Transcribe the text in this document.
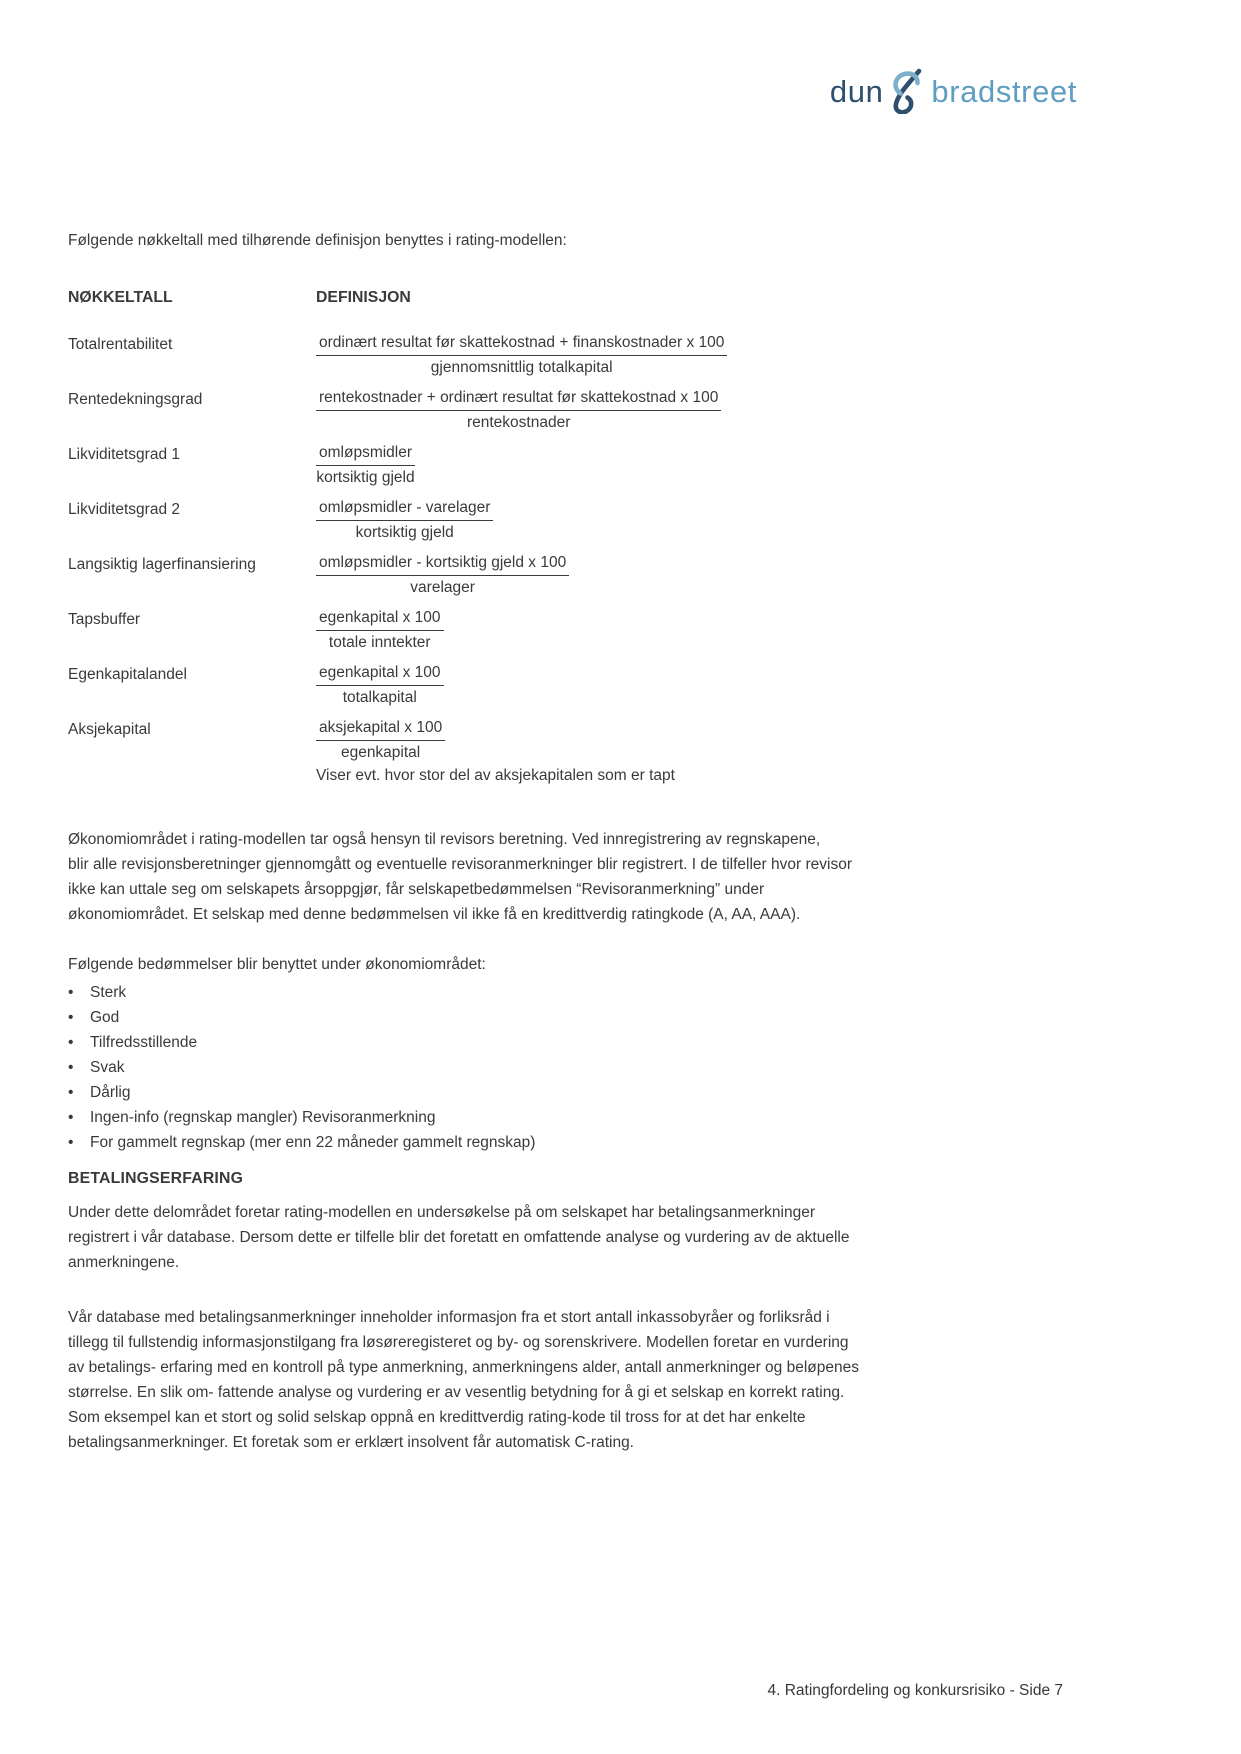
dun bradstreet
Følgende nøkkeltall med tilhørende definisjon benyttes i rating-modellen:
NØKKELTALL	DEFINISJON
Totalrentabilitet	$\frac{\text{ordinært resultat før skattekostnad + finanskostnader x 100}}{\text{gjennomsnittlig totalkapital}}$
Rentedekningsgrad	$\frac{\text{rentekostnader + ordinært resultat før skattekostnad x 100}}{\text{rentekostnader}}$
Likviditetsgrad 1	$\frac{\text{omløpsmidler}}{\text{kortsiktig gjeld}}$
Likviditetsgrad 2	$\frac{\text{omløpsmidler - varelager}}{\text{kortsiktig gjeld}}$
Langsiktig lagerfinansiering	$\frac{\text{omløpsmidler - kortsiktig gjeld x 100}}{\text{varelager}}$
Tapsbuffer	$\frac{\text{egenkapital x 100}}{\text{totale inntekter}}$
Egenkapitalandel	$\frac{\text{egenkapital x 100}}{\text{totalkapital}}$
Aksjekapital	$\frac{\text{aksjekapital x 100}}{\text{egenkapital}}$
Viser evt. hvor stor del av aksjekapitalen som er tapt
Økonomiområdet i rating-modellen tar også hensyn til revisors beretning. Ved innregistrering av regnskapene,
blir alle revisjonsberetninger gjennomgått og eventuelle revisoranmerkninger blir registrert. I de tilfeller hvor revisor
ikke kan uttale seg om selskapets årsoppgjør, får selskapetbedømmelsen “Revisoranmerkning” under
økonomiområdet. Et selskap med denne bedømmelsen vil ikke få en kredittverdig ratingkode (A, AA, AAA).
Følgende bedømmelser blir benyttet under økonomiområdet:
•	Sterk
•	God
•	Tilfredsstillende
•	Svak
•	Dårlig
•	Ingen-info (regnskap mangler) Revisoranmerkning
•	For gammelt regnskap (mer enn 22 måneder gammelt regnskap)
BETALINGSERFARING
Under dette delområdet foretar rating-modellen en undersøkelse på om selskapet har betalingsanmerkninger
registrert i vår database. Dersom dette er tilfelle blir det foretatt en omfattende analyse og vurdering av de aktuelle
anmerkningene.
Vår database med betalingsanmerkninger inneholder informasjon fra et stort antall inkassobyråer og forliksråd i
tillegg til fullstendig informasjonstilgang fra løsøreregisteret og by- og sorenskrivere. Modellen foretar en vurdering
av betalings- erfaring med en kontroll på type anmerkning, anmerkningens alder, antall anmerkninger og beløpenes
størrelse. En slik om- fattende analyse og vurdering er av vesentlig betydning for å gi et selskap en korrekt rating.
Som eksempel kan et stort og solid selskap oppnå en kredittverdig rating-kode til tross for at det har enkelte
betalingsanmerkninger. Et foretak som er erklært insolvent får automatisk C-rating.
4. Ratingfordeling og konkursrisiko - Side 7
